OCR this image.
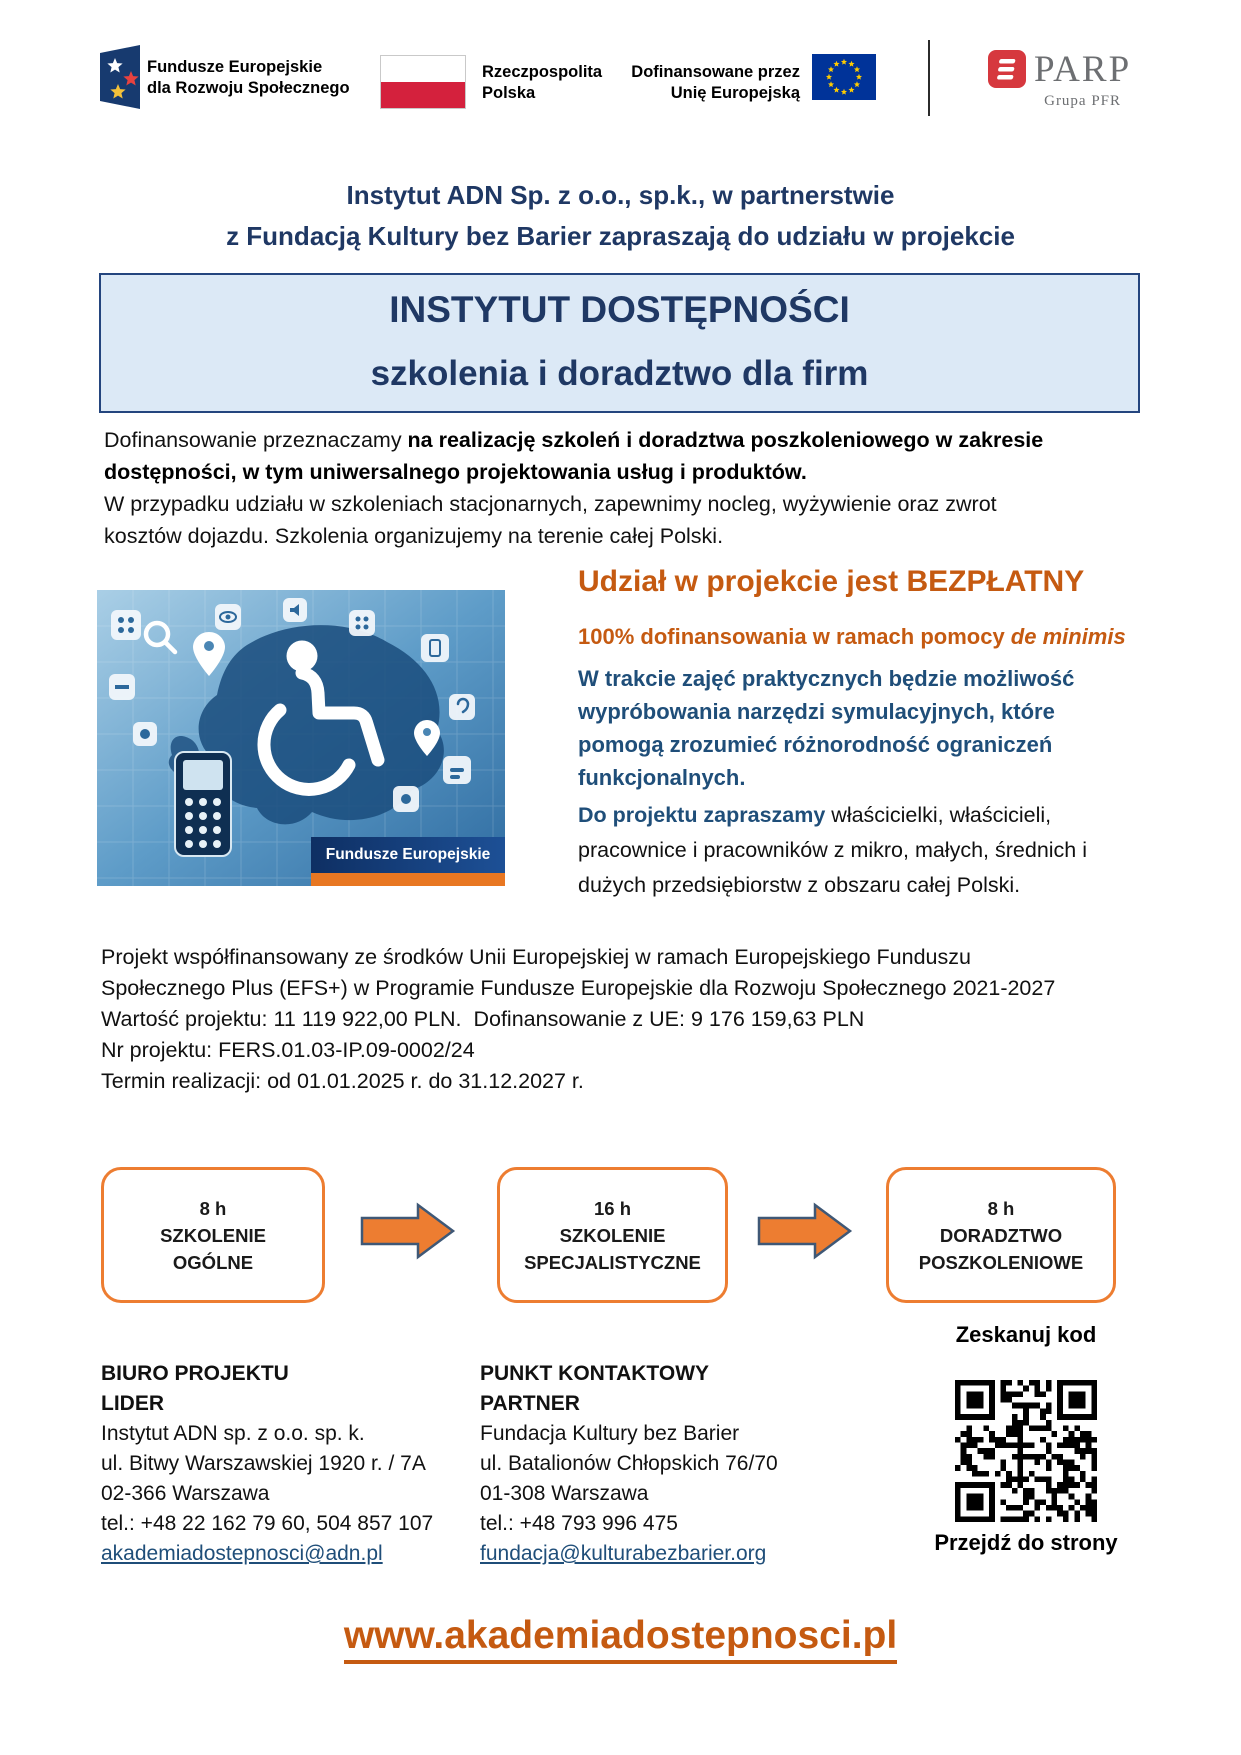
Fundusze Europejskie
dla Rozwoju Społecznego
Rzeczpospolita
Polska
Dofinansowane przez
Unię Europejską
PARP
Grupa PFR
Instytut ADN Sp. z o.o., sp.k., w partnerstwie
z Fundacją Kultury bez Barier zapraszają do udziału w projekcie
INSTYTUT DOSTĘPNOŚCI
szkolenia i doradztwo dla firm
Dofinansowanie przeznaczamy na realizację szkoleń i doradztwa poszkoleniowego w zakresie dostępności, w tym uniwersalnego projektowania usług i produktów.
W przypadku udziału w szkoleniach stacjonarnych, zapewnimy nocleg, wyżywienie oraz zwrot kosztów dojazdu. Szkolenia organizujemy na terenie całej Polski.
Fundusze Europejskie
Udział w projekcie jest BEZPŁATNY
100% dofinansowania w ramach pomocy de minimis
W trakcie zajęć praktycznych będzie możliwość wypróbowania narzędzi symulacyjnych, które pomogą zrozumieć różnorodność ograniczeń funkcjonalnych.
Do projektu zapraszamy właścicielki, właścicieli, pracownice i pracowników z mikro, małych, średnich i dużych przedsiębiorstw z obszaru całej Polski.
Projekt współfinansowany ze środków Unii Europejskiej w ramach Europejskiego Funduszu
Społecznego Plus (EFS+) w Programie Fundusze Europejskie dla Rozwoju Społecznego 2021-2027
Wartość projektu: 11 119 922,00 PLN.  Dofinansowanie z UE: 9 176 159,63 PLN
Nr projektu: FERS.01.03-IP.09-0002/24
Termin realizacji: od 01.01.2025 r. do 31.12.2027 r.
8 h
SZKOLENIE
OGÓLNE
16 h
SZKOLENIE
SPECJALISTYCZNE
8 h
DORADZTWO
POSZKOLENIOWE
Zeskanuj kod
Przejdź do strony
BIURO PROJEKTU
LIDER
Instytut ADN sp. z o.o. sp. k.
ul. Bitwy Warszawskiej 1920 r. / 7A
02-366 Warszawa
tel.: +48 22 162 79 60, 504 857 107
akademiadostepnosci@adn.pl
PUNKT KONTAKTOWY
PARTNER
Fundacja Kultury bez Barier
ul. Batalionów Chłopskich 76/70
01-308 Warszawa
tel.: +48 793 996 475
fundacja@kulturabezbarier.org
www.akademiadostepnosci.pl
